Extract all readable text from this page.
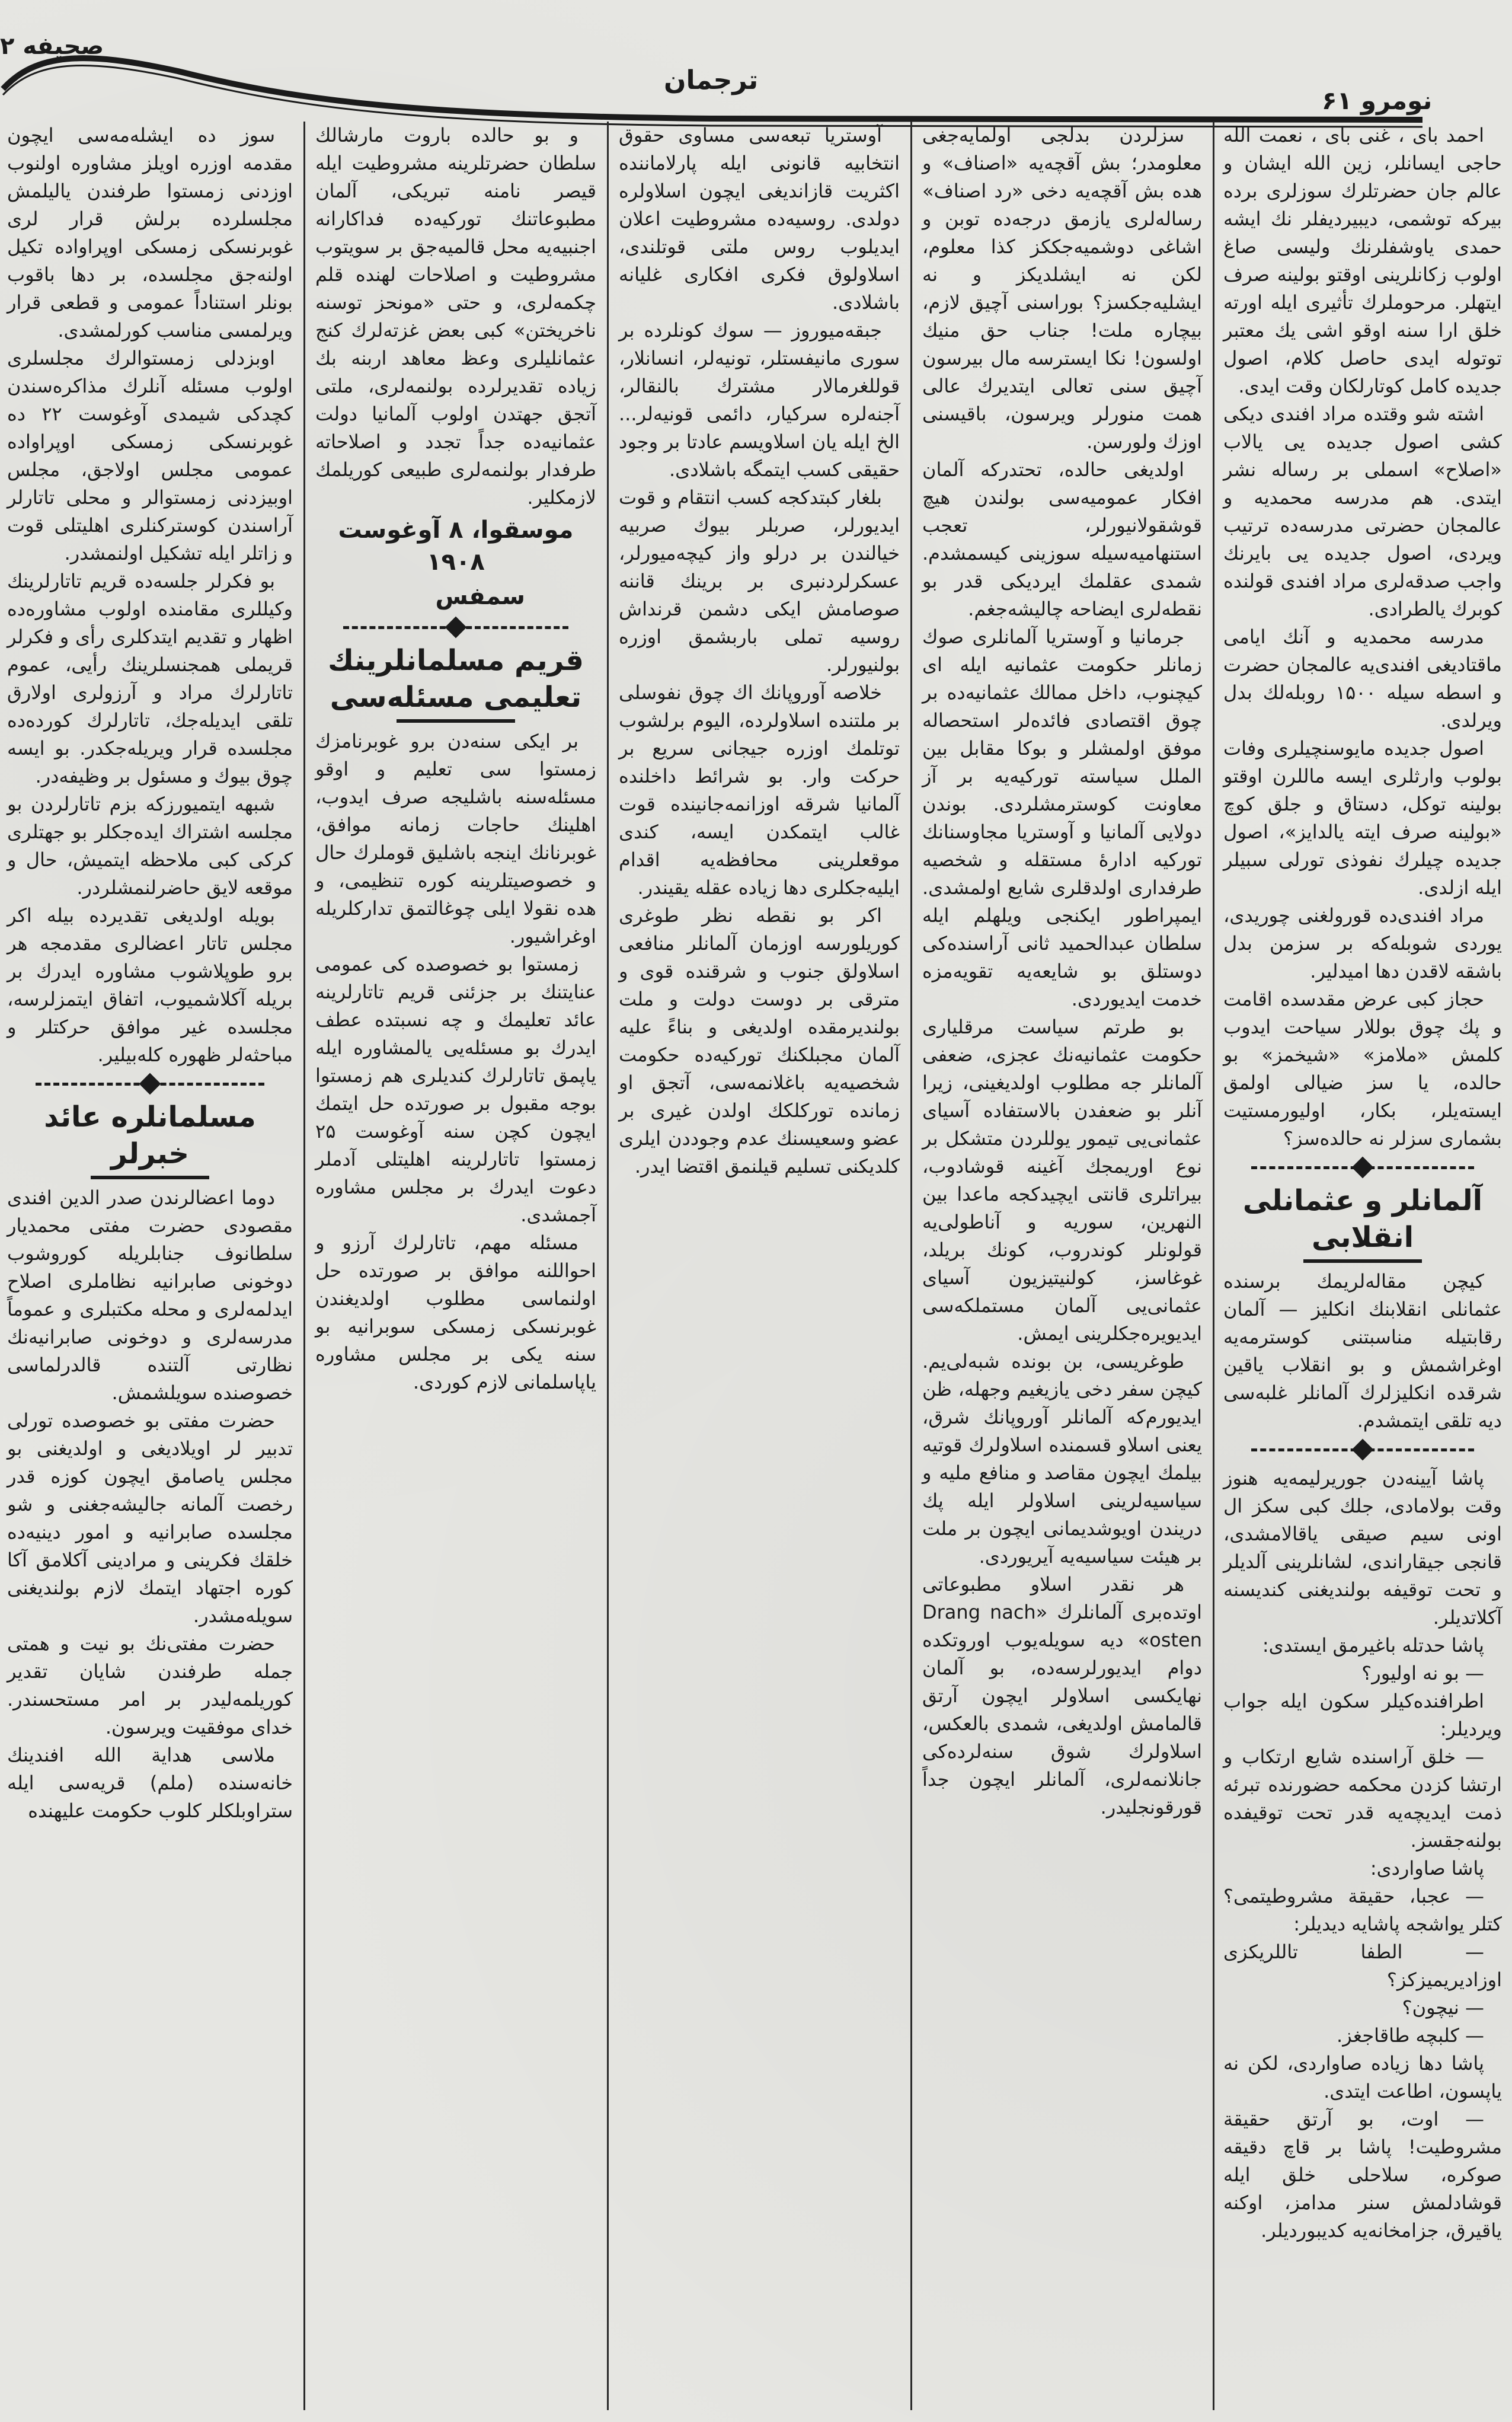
صحیفه ۲
ترجمان
نومرو ۶۱

احمد بای ، غنی بای ، نعمت الله حاجی ایسانلر، زین الله ایشان و عالم جان حضرتلرك سوزلری برده بیرکه توشمی، دیبیردیفلر نك ایشه حمدی یاوشفلرنك ولیسی صاغ اولوب زکانلرینی اوقتو بولینه صرف ایتهلر. مرحوملرك تأثیری ایله اورته خلق ارا سنه اوقو اشی یك معتبر توتوله ایدی حاصل کلام، اصول جدیده کامل کوتارلکان وقت ایدی.

اشته شو وقتده مراد افندی دیکی کشی اصول جدیده یی یالاب «اصلاح» اسملی بر رساله نشر ایتدی. هم مدرسه محمدیه و عالمجان حضرتی مدرسه‌ده ترتیب ویردی، اصول جدیده یی بایرنك واجب صدقه‌لری مراد افندی قولنده کوبرك یالطرادی.

مدرسه محمدیه و آنك ایامی ماقتادیغی افندی‌یه عالمجان حضرت و اسطه سیله ۱۵۰۰ روبله‌لك بدل ویرلدی.

اصول جدیده مایوسنچیلری وفات بولوب وارثلری ایسه ماللرن اوقتو بولینه توکل، دستاق و جلق کوچ «بولینه صرف ایته یالدایز»، اصول جدیده چیلرك نفوذی تورلی سبیلر ایله ازلدی.

مراد افندی‌ده قورولغنی چوریدی، یوردی شوبله‌که بر سزمن بدل باشقه لاقدن دها امیدلیر.

حجاز کبی عرض مقدسده اقامت و پك چوق بوللار سیاحت ایدوب کلمش «ملامز» «شیخمز» بو حالده، یا سز ضیالی اولمق ایسته‌یلر، بکار، اولیورمستیت بشماری سزلر نه حالده‌سز؟

آلمانلر و عثمانلی انقلابی

کیچن مقاله‌لریمك برسنده عثمانلی انقلابنك انکلیز — آلمان رقابتیله مناسبتنی کوسترمه‌یه اوغراشمش و بو انقلاب یاقین شرقده انکلیزلرك آلمانلر غلبه‌سی دیه تلقی ایتمشدم.

پاشا آیینه‌دن جوریرلیمه‌یه هنوز وقت بولامادی، جلك کبی سکز ال اونی سیم صیقی یاقالامشدی، قانجی جیقاراندی، لشانلرینی آلدیلر و تحت توقیفه بولندیغنی کندیسنه آکلاتدیلر.

پاشا حدتله باغیرمق ایستدی:

— بو نه اولیور؟

اطرافنده‌کیلر سکون ایله جواب ویردیلر:

— خلق آراسنده شایع ارتکاب و ارتشا کزدن محکمه حضورنده تبرئه ذمت ایدیچه‌یه قدر تحت توقیفده بولنه‌جقسز.

پاشا صاواردی:

— عجبا، حقیقة مشروطیتمی؟ کتلر یواشجه پاشایه دیدیلر:

— الطفا تاللریکزی اوزادیریمیزکز؟

— نیچون؟

— کلبچه طاقاجغز.

پاشا دها زیاده صاواردی، لکن نه یاپسون، اطاعت ایتدی.

— اوت، بو آرتق حقیقة مشروطیت! پاشا بر قاچ دقیقه صوکره، سلاحلی خلق ایله قوشادلمش سنر مدامز، اوکنه یاقیرق، جزامخانه‌یه کدیبوردیلر.

سزلردن بدلجی اولمایه‌جغی معلومدر؛ بش آقچه‌یه «اصناف» و هده بش آقچه‌یه دخی «رد اصناف» رساله‌لری یازمق درجه‌ده توبن و اشاغی دوشمیه‌جککز کذا معلوم، لکن نه ایشلدیکز و نه ایشلیه‌جکسز؟ بوراسنی آچیق لازم، بیچاره ملت! جناب حق منیك اولسون! نکا ایسترسه مال بیرسون آچیق سنی تعالی ایتدیرك عالی همت منورلر ویرسون، باقیسنی اوزك ولورسن.

اولدیغی حالده، تحتدرکه آلمان افکار عمومیه‌سی بولندن هیچ قوشقولانیورلر، تعجب استنهامیه‌سیله سوزینی کیسمشدم. شمدی عقلمك ایردیکی قدر بو نقطه‌لری ایضاحه چالیشه‌جغم.

جرمانیا و آوستریا آلمانلری صوك زمانلر حکومت عثمانیه ایله ای کیچنوب، داخل ممالك عثمانیه‌ده بر چوق اقتصادی فائده‌لر استحصاله موفق اولمشلر و بوکا مقابل بین الملل سیاسته تورکیه‌یه بر آز معاونت کوسترمشلردی. بوندن دولایی آلمانیا و آوستریا مجاوسنانك تورکیه ادارهٔ مستقله و شخصیه طرفداری اولدقلری شایع اولمشدی. ایمپراطور ایکنجی ویلهلم ایله سلطان عبدالحمید ثانی آراسنده‌کی دوستلق بو شایعه‌یه تقویه‌مزه خدمت ایدیوردی.

بو طرتم سیاست مرقلیاری حکومت عثمانیه‌نك عجزی، ضعفی آلمانلر جه مطلوب اولدیغینی، زیرا آنلر بو ضعفدن بالاستفاده آسیای عثمانی‌یی تیمور یوللردن متشکل بر نوع اوریمجك آغینه قوشادوب، بیراتلری قانتی ایچیدکجه ماعدا بین النهرین، سوریه و آناطولی‌یه قولونلر کوندروب، کونك بریلد، غوغاسز، کولنیتیزیون آسیای عثمانی‌یی آلمان مستملکه‌سی ایدیویره‌جکلرینی ایمش.

طوغریسی، بن بونده شبه‌لی‌یم. کیچن سفر دخی یازیغیم وجهله، ظن ایدیورم‌که آلمانلر آوروپانك شرق، یعنی اسلاو قسمنده اسلاولرك قوتیه بیلمك ایچون مقاصد و منافع ملیه و سیاسیه‌لرینی اسلاولر ایله پك دریندن اویوشدیمانی ایچون بر ملت بر هیئت سیاسیه‌یه آیریوردی.

هر نقدر اسلاو مطبوعاتی اوتده‌بری آلمانلرك «Drang nach osten» دیه سویله‌یوب اوروتکده دوام ایدیورلرسه‌ده، بو آلمان نهایکسی اسلاولر ایچون آرتق قالمامش اولدیغی، شمدی بالعکس، اسلاولرك شوق سنه‌لرده‌کی جانلانمه‌لری، آلمانلر ایچون جداً قورقونجلیدر.

آوستریا تبعه‌سی مساوی حقوق انتخابیه قانونی ایله پارلاماننده اکثریت قازاندیغی ایچون اسلاولره دولدی. روسیه‌ده مشروطیت اعلان ایدیلوب روس ملتی قوتلندی، اسلاولوق فکری افکاری غلیانه باشلادی.

جبقه‌میوروز — سوك کونلرده بر سوری مانیفستلر، تونیه‌لر، انسانلار، قوللغرمالار مشترك بالنقالر، آجنه‌لره سرکیار، دائمی قونیه‌لر... الخ ایله یان اسلاویسم عادتا بر وجود حقیقی کسب ایتمگه باشلادی.

بلغار کبتدکجه کسب انتقام و قوت ایدیورلر، صربلر بیوك صربیه خیالندن بر درلو واز کیچه‌میورلر، عسکرلردنبری بر برینك قاننه صوصامش ایکی دشمن قرنداش روسیه تملی باربشمق اوزره بولنیورلر.

خلاصه آوروپانك اك چوق نفوسلی بر ملتنده اسلاولرده، الیوم برلشوب توتلمك اوزره جیجانی سریع بر حرکت وار. بو شرائط داخلنده آلمانیا شرقه اوزانمه‌جانینده قوت غالب ایتمکدن ایسه، کندی موقعلرینی محافظه‌یه اقدام ایلیه‌جکلری دها زیاده عقله یقیندر.

اکر بو نقطه نظر طوغری کوریلورسه اوزمان آلمانلر منافعی اسلاولق جنوب و شرقنده قوی و مترقی بر دوست دولت و ملت بولندیرمقده اولدیغی و بناءً علیه آلمان مجبلکنك تورکیه‌ده حکومت شخصیه‌یه باغلانمه‌سی، آتجق او زمانده تورکلکك اولدن غیری بر عضو وسعیسنك عدم وجوددن ایلری کلدیکنی تسلیم قیلنمق اقتضا ایدر.

و بو حالده باروت مارشالك سلطان حضرتلرینه مشروطیت ایله قیصر نامنه تبریکی، آلمان مطبوعاتنك تورکیه‌ده فداکارانه اجنبیه‌یه محل قالمیه‌جق بر سویتوب مشروطیت و اصلاحات لهنده قلم چکمه‌لری، و حتی «مونحز توسنه ناخریختن» کبی بعض غزته‌لرك کنج عثمانلیلری وعظ معاهد اربنه بك زیاده تقدیرلرده بولنمه‌لری، ملتی آتجق جهتدن اولوب آلمانیا دولت عثمانیه‌ده جداً تجدد و اصلاحاته طرفدار بولنمه‌لری طبیعی کوریلمك لازمکلیر.

موسقوا، ۸ آوغوست ۱۹۰۸
سمفس
قريم مسلمانلرينك تعليمی مسئله‌سی

بر ایکی سنه‌دن برو غوبرنامزك زمستوا سی تعلیم و اوقو مسئله‌سنه باشلیجه صرف ایدوب، اهلینك حاجات زمانه موافق، غوبرنانك اینجه باشلیق قوملرك حال و خصوصیتلرینه کوره تنظیمی، و هده نقولا ایلی چوغالتمق تدارکلریله اوغراشیور.

زمستوا بو خصوصده کی عمومی عنایتنك بر جزئنی قریم تاتارلرینه عائد تعلیمك و چه نسبتده عطف ایدرك بو مسئله‌یی یالمشاوره ایله یاپمق تاتارلرك کندیلری هم زمستوا بوجه مقبول بر صورتده حل ایتمك ایچون کچن سنه آوغوست ۲۵ زمستوا تاتارلرینه اهلیتلی آدملر دعوت ایدرك بر مجلس مشاوره آجمشدی.

مسئله مهم، تاتارلرك آرزو و احواللنه موافق بر صورتده حل اولنماسی مطلوب اولدیغندن غوبرنسکی زمسکی سوبرانیه بو سنه یکی بر مجلس مشاوره یاپاسلمانی لازم کوردی.

سوز ده ایشله‌مه‌سی ایچون مقدمه اوزره اویلز مشاوره اولنوب اوزدنی زمستوا طرفندن یالیلمش مجلسلرده برلش قرار لری غوبرنسکی زمسکی اوپراواده تکیل اولنه‌جق مجلسده، بر دها باقوب بونلر استناداً عمومی و قطعی قرار ویرلمسی مناسب کورلمشدی.

اوبزدلی زمستوالرك مجلسلری اولوب مسئله آنلرك مذاکره‌سندن کچدکی شیمدی آوغوست ۲۲ ده غوبرنسکی زمسکی اوپراواده عمومی مجلس اولاجق، مجلس اوبیزدنی زمستوالر و محلی تاتارلر آراسندن کوسترکنلری اهلیتلی قوت و زاتلر ایله تشکیل اولنمشدر.

بو فکرلر جلسه‌ده قریم تاتارلرینك وکیللری مقامنده اولوب مشاوره‌ده اظهار و تقدیم ایتدکلری رأی و فکرلر قریملی همجنسلرینك رأیی، عموم تاتارلرك مراد و آرزولری اولارق تلقی ایدیله‌جك، تاتارلرك کورده‌ده مجلسده قرار ویریله‌جکدر. بو ایسه چوق بیوك و مسئول بر وظیفه‌در.

شبهه ایتمیورزکه بزم تاتارلردن بو مجلسه اشتراك ایده‌جکلر بو جهتلری کرکی کبی ملاحظه ایتمیش، حال و موقعه لایق حاضرلنمشلردر.

بویله اولدیغی تقدیرده بیله اکر مجلس تاتار اعضالری مقدمجه هر برو طوپلاشوب مشاوره ایدرك بر بریله آکلاشمیوب، اتفاق ایتمزلرسه، مجلسده غیر موافق حرکتلر و مباحثه‌لر ظهوره کله‌بیلیر.

مسلمانلره عائد خبرلر

دوما اعضالرندن صدر الدین افندی مقصودی حضرت مفتی محمدیار سلطانوف جنابلریله کوروشوب دوخونی صابرانیه نظاملری اصلاح ایدلمه‌لری و محله مکتبلری و عموماً مدرسه‌لری و دوخونی صابرانیه‌نك نظارتی آلتنده قالدرلماسی خصوصنده سویلشمش.

حضرت مفتی بو خصوصده تورلی تدبیر لر اویلادیغی و اولدیغنی بو مجلس یاصامق ایچون کوزه قدر رخصت آلمانه جالیشه‌جغنی و شو مجلسده صابرانیه و امور دینیه‌ده خلقك فکرینی و مرادینی آکلامق آکا کوره اجتهاد ایتمك لازم بولندیغنی سویله‌مشدر.

حضرت مفتی‌نك بو نیت و همتی جمله طرفندن شایان تقدیر کوریلمه‌لیدر بر امر مستحسندر. خدای موفقیت ویرسون.

ملاسی هدایة الله افندینك خانه‌سنده (ملم) قریه‌سی ایله ستراوبلكلر کلوب حکومت علیهنده
